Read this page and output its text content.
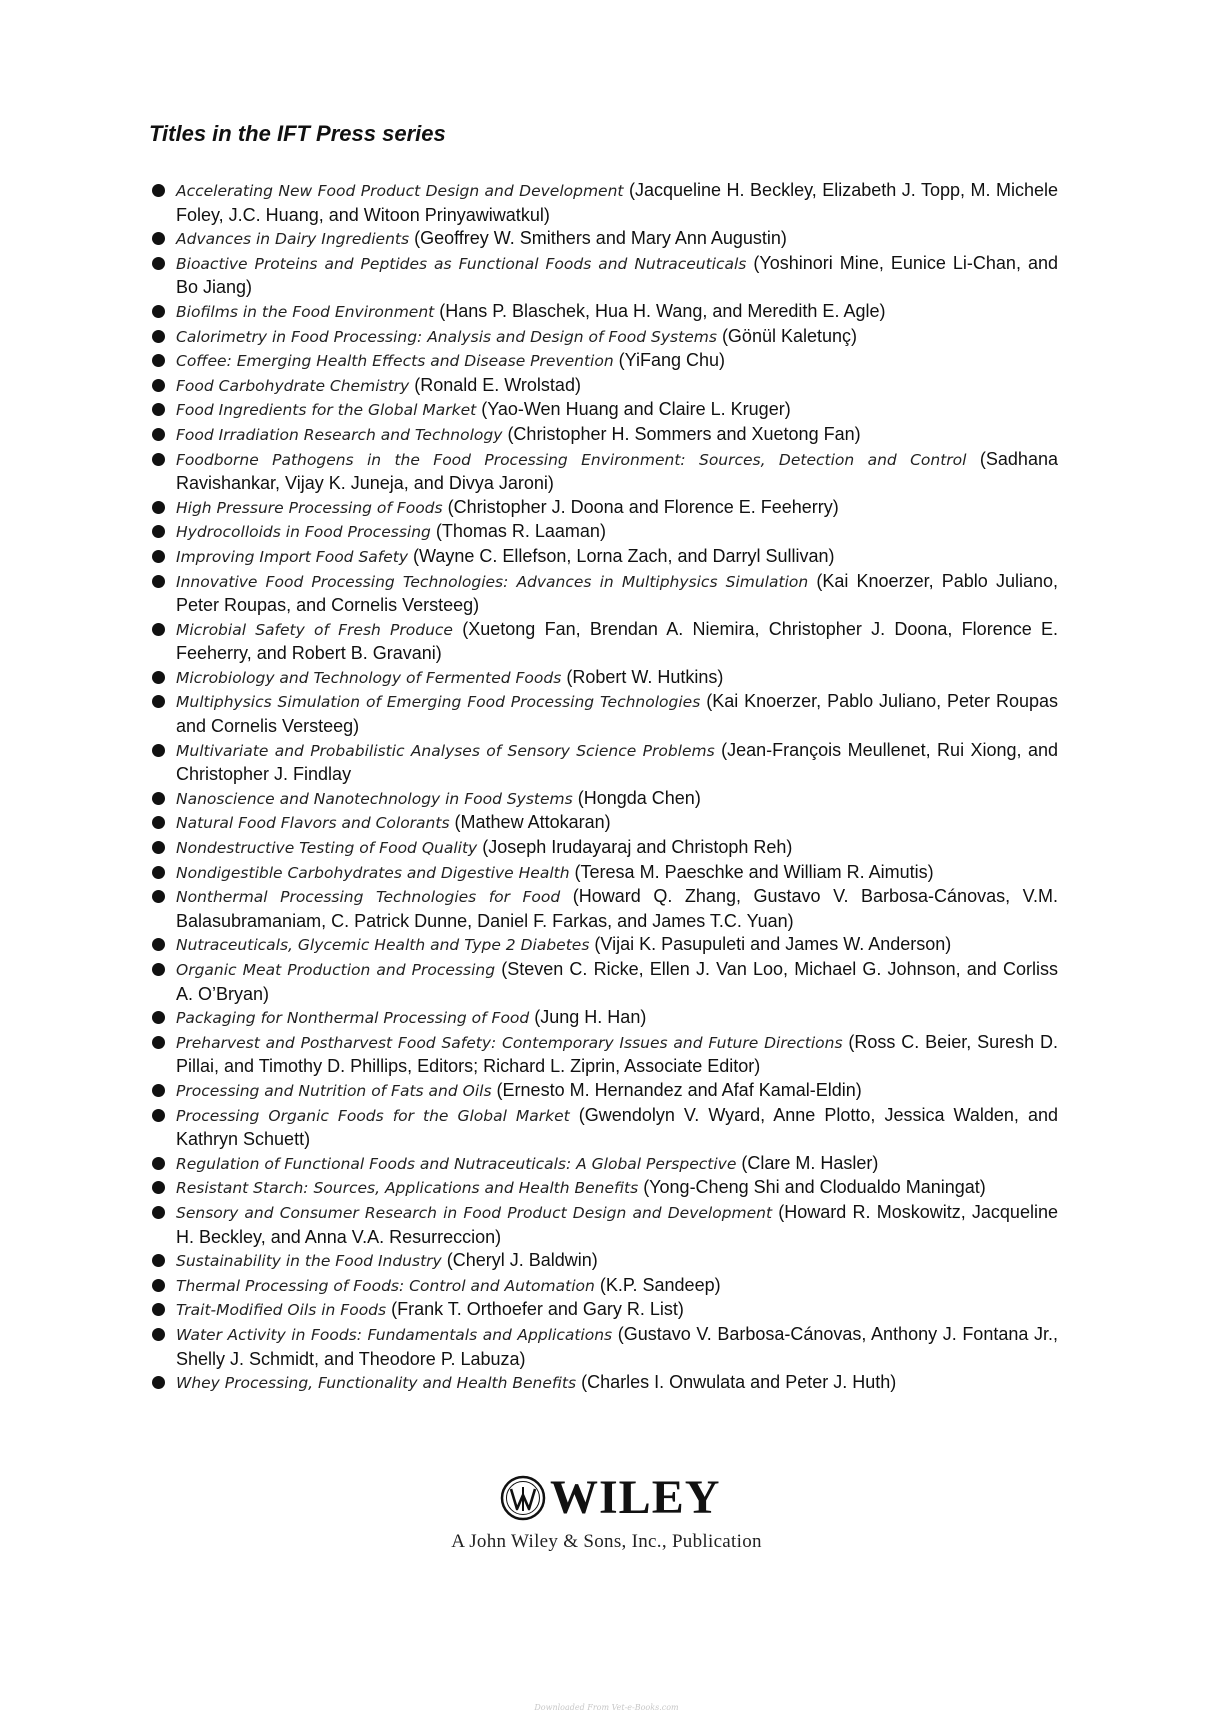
Titles in the IFT Press series
Accelerating New Food Product Design and Development (Jacqueline H. Beckley, Elizabeth J. Topp, M. Michele Foley, J.C. Huang, and Witoon Prinyawiwatkul)
Advances in Dairy Ingredients (Geoffrey W. Smithers and Mary Ann Augustin)
Bioactive Proteins and Peptides as Functional Foods and Nutraceuticals (Yoshinori Mine, Eunice Li-Chan, and Bo Jiang)
Biofilms in the Food Environment (Hans P. Blaschek, Hua H. Wang, and Meredith E. Agle)
Calorimetry in Food Processing: Analysis and Design of Food Systems (Gönül Kaletunç)
Coffee: Emerging Health Effects and Disease Prevention (YiFang Chu)
Food Carbohydrate Chemistry (Ronald E. Wrolstad)
Food Ingredients for the Global Market (Yao-Wen Huang and Claire L. Kruger)
Food Irradiation Research and Technology (Christopher H. Sommers and Xuetong Fan)
Foodborne Pathogens in the Food Processing Environment: Sources, Detection and Control (Sadhana Ravishankar, Vijay K. Juneja, and Divya Jaroni)
High Pressure Processing of Foods (Christopher J. Doona and Florence E. Feeherry)
Hydrocolloids in Food Processing (Thomas R. Laaman)
Improving Import Food Safety (Wayne C. Ellefson, Lorna Zach, and Darryl Sullivan)
Innovative Food Processing Technologies: Advances in Multiphysics Simulation (Kai Knoerzer, Pablo Juliano, Peter Roupas, and Cornelis Versteeg)
Microbial Safety of Fresh Produce (Xuetong Fan, Brendan A. Niemira, Christopher J. Doona, Florence E. Feeherry, and Robert B. Gravani)
Microbiology and Technology of Fermented Foods (Robert W. Hutkins)
Multiphysics Simulation of Emerging Food Processing Technologies (Kai Knoerzer, Pablo Juliano, Peter Roupas and Cornelis Versteeg)
Multivariate and Probabilistic Analyses of Sensory Science Problems (Jean-François Meullenet, Rui Xiong, and Christopher J. Findlay
Nanoscience and Nanotechnology in Food Systems (Hongda Chen)
Natural Food Flavors and Colorants (Mathew Attokaran)
Nondestructive Testing of Food Quality (Joseph Irudayaraj and Christoph Reh)
Nondigestible Carbohydrates and Digestive Health (Teresa M. Paeschke and William R. Aimutis)
Nonthermal Processing Technologies for Food (Howard Q. Zhang, Gustavo V. Barbosa-Cánovas, V.M. Balasubramaniam, C. Patrick Dunne, Daniel F. Farkas, and James T.C. Yuan)
Nutraceuticals, Glycemic Health and Type 2 Diabetes (Vijai K. Pasupuleti and James W. Anderson)
Organic Meat Production and Processing (Steven C. Ricke, Ellen J. Van Loo, Michael G. Johnson, and Corliss A. O’Bryan)
Packaging for Nonthermal Processing of Food (Jung H. Han)
Preharvest and Postharvest Food Safety: Contemporary Issues and Future Directions (Ross C. Beier, Suresh D. Pillai, and Timothy D. Phillips, Editors; Richard L. Ziprin, Associate Editor)
Processing and Nutrition of Fats and Oils (Ernesto M. Hernandez and Afaf Kamal-Eldin)
Processing Organic Foods for the Global Market (Gwendolyn V. Wyard, Anne Plotto, Jessica Walden, and Kathryn Schuett)
Regulation of Functional Foods and Nutraceuticals: A Global Perspective (Clare M. Hasler)
Resistant Starch: Sources, Applications and Health Benefits (Yong-Cheng Shi and Clodualdo Maningat)
Sensory and Consumer Research in Food Product Design and Development (Howard R. Moskowitz, Jacqueline H. Beckley, and Anna V.A. Resurreccion)
Sustainability in the Food Industry (Cheryl J. Baldwin)
Thermal Processing of Foods: Control and Automation (K.P. Sandeep)
Trait-Modified Oils in Foods (Frank T. Orthoefer and Gary R. List)
Water Activity in Foods: Fundamentals and Applications (Gustavo V. Barbosa-Cánovas, Anthony J. Fontana Jr., Shelly J. Schmidt, and Theodore P. Labuza)
Whey Processing, Functionality and Health Benefits (Charles I. Onwulata and Peter J. Huth)
WILEY
A John Wiley & Sons, Inc., Publication
Downloaded From Vet-e-Books.com
